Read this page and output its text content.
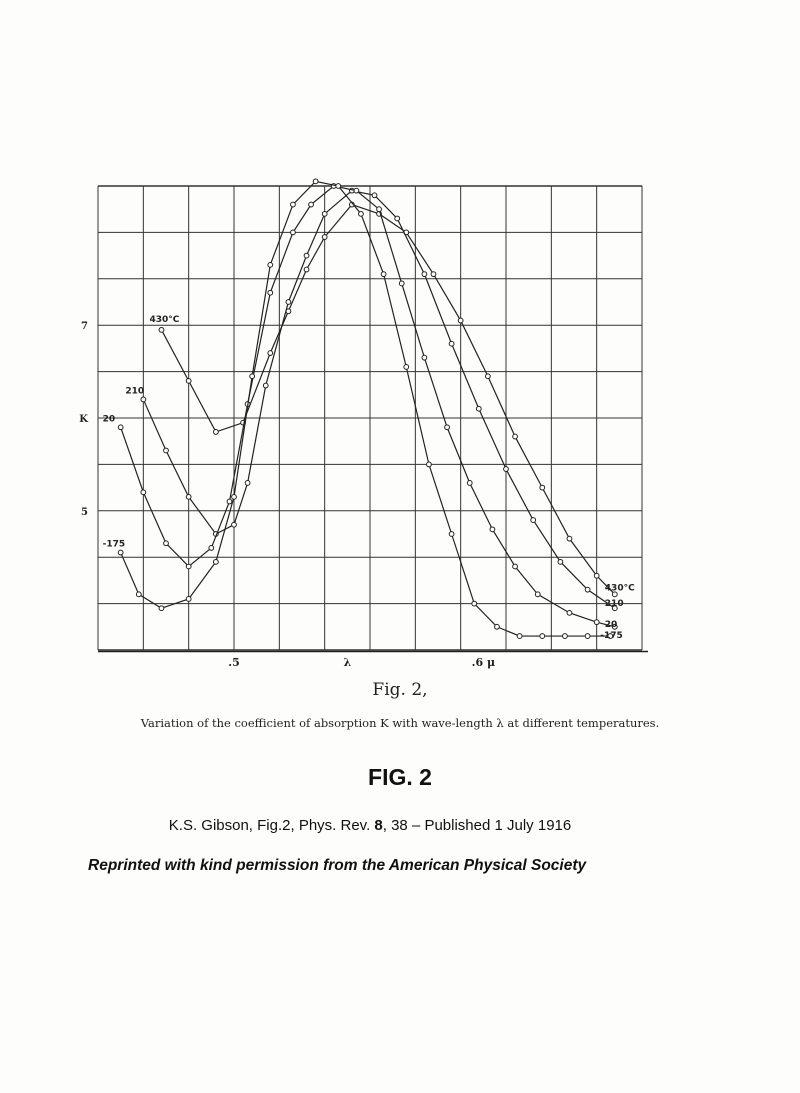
430°C
430°C
210
210
20
20
-175
-175
.5	λ	.6 μ
7
K
5
Fig. 2,
Variation of the coefficient of absorption K with wave-length λ at different temperatures.
FIG. 2
K.S. Gibson, Fig.2, Phys. Rev. 8, 38 – Published 1 July 1916
Reprinted with kind permission from the American Physical Society
